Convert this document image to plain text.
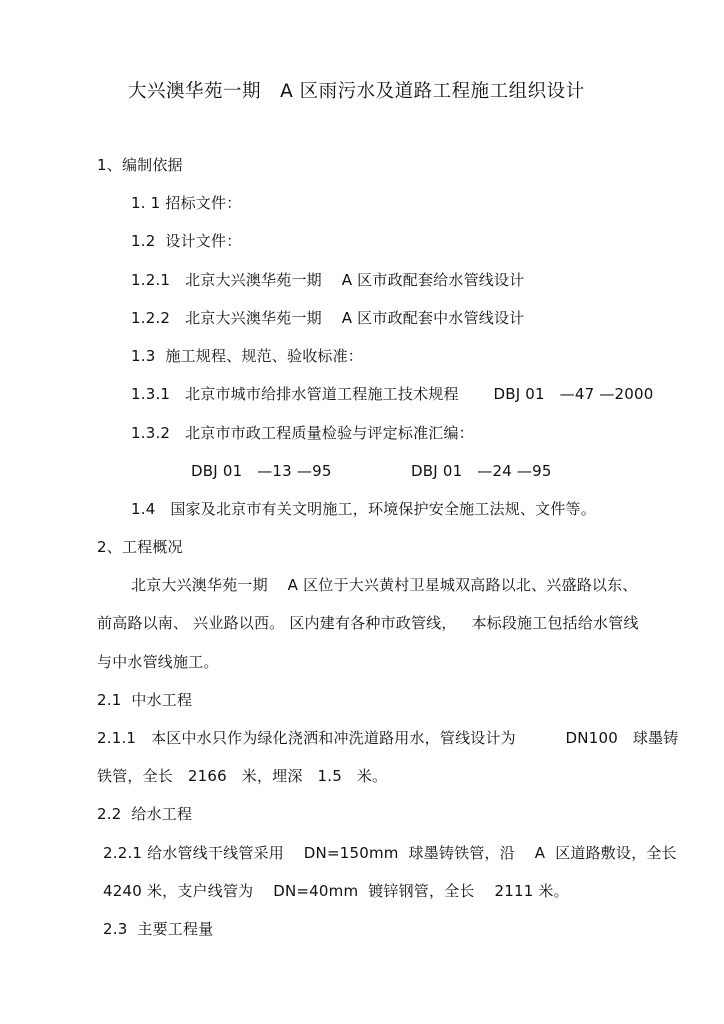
大兴澳华苑一期   A 区雨污水及道路工程施工组织设计
1、编制依据
1. 1 招标文件：
1.2  设计文件：
1.2.1   北京大兴澳华苑一期    A 区市政配套给水管线设计
1.2.2   北京大兴澳华苑一期    A 区市政配套中水管线设计
1.3  施工规程、规范、验收标准：
1.3.1   北京市城市给排水管道工程施工技术规程       DBJ 01   —47 —2000
1.3.2   北京市市政工程质量检验与评定标准汇编：
DBJ 01   —13 —95                DBJ 01   —24 —95
1.4   国家及北京市有关文明施工，环境保护安全施工法规、文件等。
2、工程概况
北京大兴澳华苑一期    A 区位于大兴黄村卫星城双高路以北、兴盛路以东、
前高路以南、 兴业路以西。 区内建有各种市政管线，   本标段施工包括给水管线
与中水管线施工。
2.1  中水工程
2.1.1   本区中水只作为绿化浇洒和冲洗道路用水，管线设计为          DN100   球墨铸
铁管，全长   2166   米，埋深   1.5   米。
2.2  给水工程
2.2.1 给水管线干线管采用    DN=150mm  球墨铸铁管，沿    A  区道路敷设，全长
4240 米，支户线管为    DN=40mm  镀锌钢管，全长    2111 米。
2.3  主要工程量
